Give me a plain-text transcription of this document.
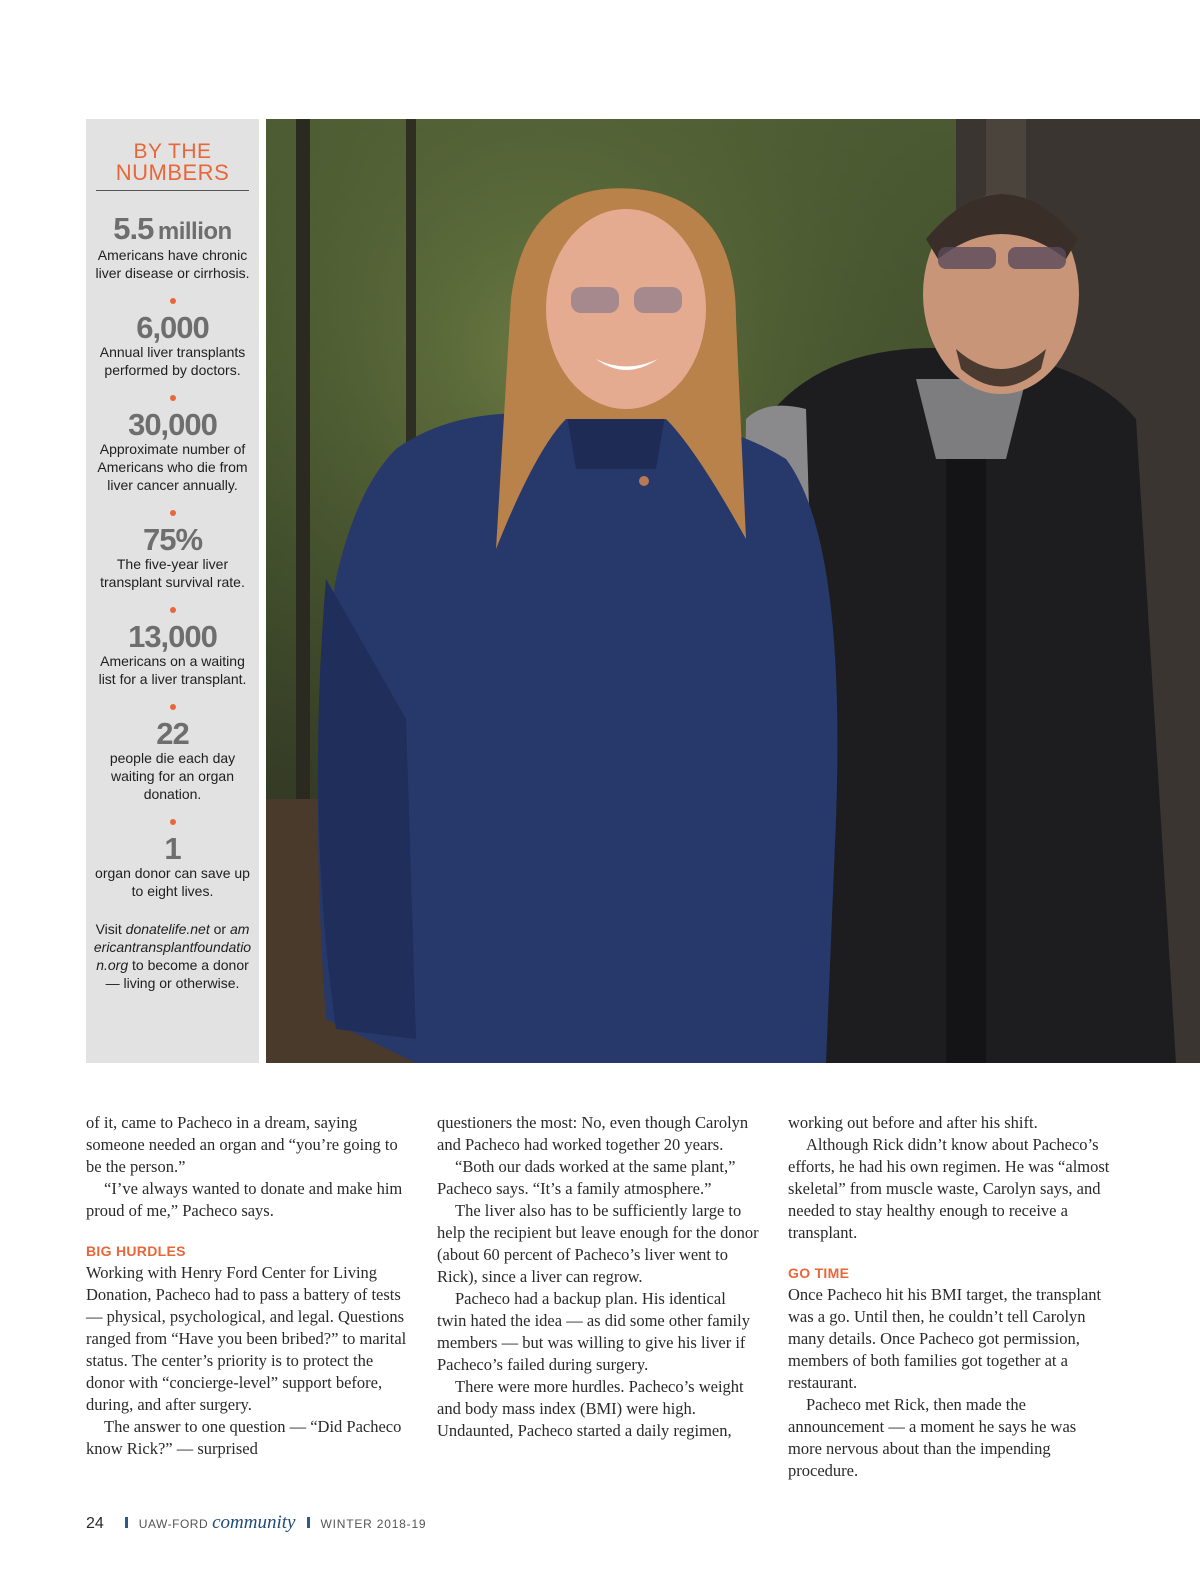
BY THE
NUMBERS
5.5 million
Americans have chronic liver disease or cirrhosis.
6,000
Annual liver transplants performed by doctors.
30,000
Approximate number of Americans who die from liver cancer annually.
75%
The five-year liver transplant survival rate.
13,000
Americans on a waiting list for a liver transplant.
22
people die each day waiting for an organ donation.
1
organ donor can save up to eight lives.
Visit donatelife.net or americantransplantfoundation.org to become a donor — living or otherwise.

of it, came to Pacheco in a dream, saying someone needed an organ and “you’re going to be the person.”

“I’ve always wanted to donate and make him proud of me,” Pacheco says.

BIG HURDLES

Working with Henry Ford Center for Living Donation, Pacheco had to pass a battery of tests — physical, psychological, and legal. Questions ranged from “Have you been bribed?” to marital status. The center’s priority is to protect the donor with “concierge-level” support before, during, and after surgery.

The answer to one question — “Did Pacheco know Rick?” — surprised

questioners the most: No, even though Carolyn and Pacheco had worked together 20 years.

“Both our dads worked at the same plant,” Pacheco says. “It’s a family atmosphere.”

The liver also has to be sufficiently large to help the recipient but leave enough for the donor (about 60 percent of Pacheco’s liver went to Rick), since a liver can regrow.

Pacheco had a backup plan. His identical twin hated the idea — as did some other family members — but was willing to give his liver if Pacheco’s failed during surgery.

There were more hurdles. Pacheco’s weight and body mass index (BMI) were high. Undaunted, Pacheco started a daily regimen,

working out before and after his shift.

Although Rick didn’t know about Pacheco’s efforts, he had his own regimen. He was “almost skeletal” from muscle waste, Carolyn says, and needed to stay healthy enough to receive a transplant.

GO TIME

Once Pacheco hit his BMI target, the transplant was a go. Until then, he couldn’t tell Carolyn many details. Once Pacheco got permission, members of both families got together at a restaurant.

Pacheco met Rick, then made the announcement — a moment he says he was more nervous about than the impending procedure.

24	UAW-FORD community WINTER 2018-19
